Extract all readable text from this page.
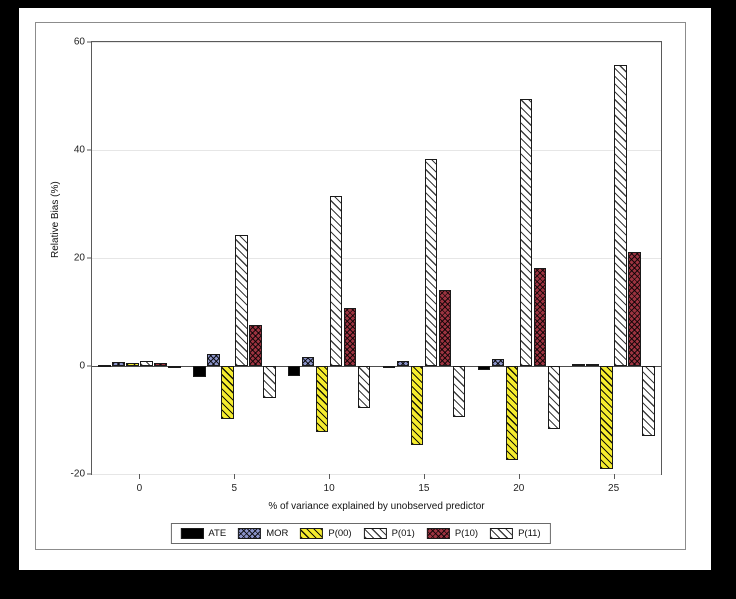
Relative Bias (%)
-20
0
20
40
60
0	5	10	15	20	25
% of variance explained by unobserved predictor
ATE	MOR	P(00)	P(01)	P(10)	P(11)
